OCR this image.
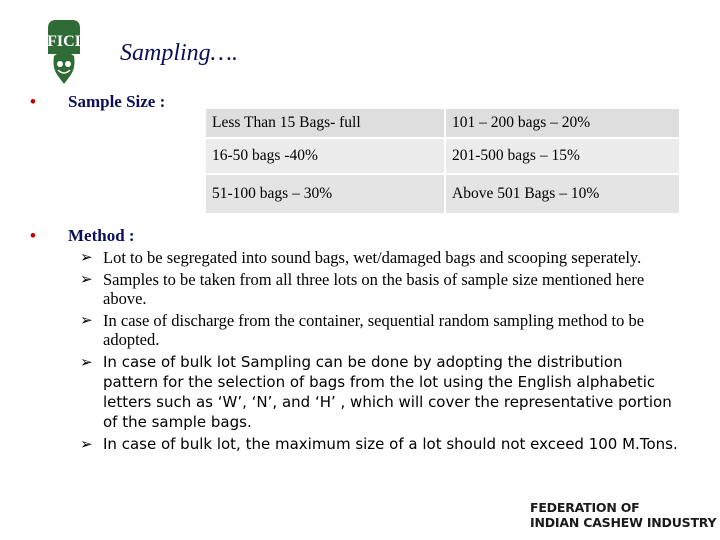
FICI Sampling….
• Sample Size :
Less Than 15 Bags- full	101 – 200 bags – 20%
16-50 bags -40%	201-500 bags – 15%
51-100 bags – 30%	Above 501 Bags – 10%
• Method :
➢ Lot to be segregated into sound bags, wet/damaged bags and scooping seperately.
➢ Samples to be taken from all three lots on the basis of sample size mentioned here above.
➢ In case of discharge from the container, sequential random sampling method to be adopted.
➢ In case of bulk lot Sampling can be done by adopting the distribution pattern for the selection of bags from the lot using the English alphabetic letters such as ‘W’, ‘N’, and ‘H’ , which will cover the representative portion of the sample bags.
➢ In case of bulk lot, the maximum size of a lot should not exceed 100 M.Tons.
FEDERATION OF
INDIAN CASHEW INDUSTRY
